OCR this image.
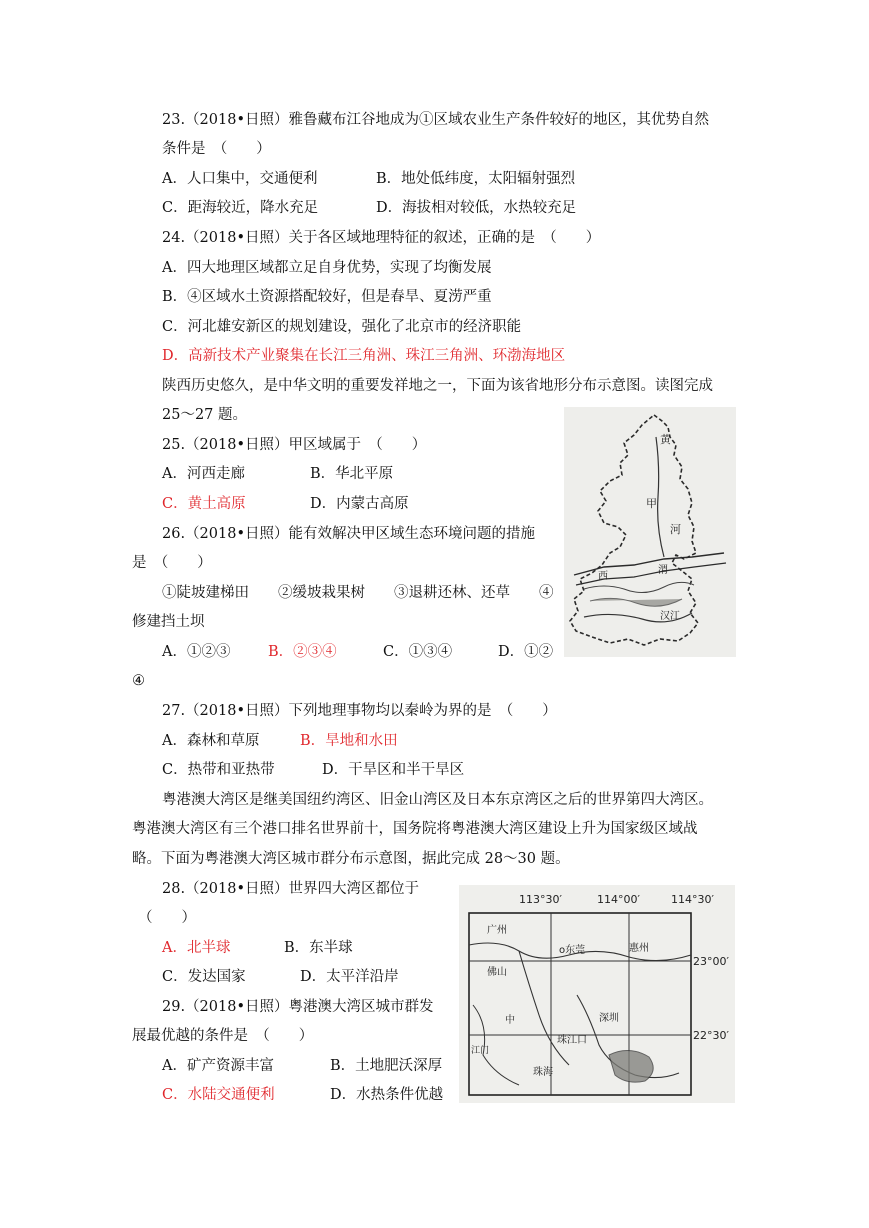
23.（2018•日照）雅鲁藏布江谷地成为①区域农业生产条件较好的地区，其优势自然
条件是　（　　）
A．人口集中，交通便利	B．地处低纬度，太阳辐射强烈
C．距海较近，降水充足	D．海拔相对较低，水热较充足
24.（2018•日照）关于各区域地理特征的叙述，正确的是　（　　）
A．四大地理区域都立足自身优势，实现了均衡发展
B．④区域水土资源搭配较好，但是春旱、夏涝严重
C．河北雄安新区的规划建设，强化了北京市的经济职能
D．高新技术产业聚集在长江三角洲、珠江三角洲、环渤海地区
陕西历史悠久，是中华文明的重要发祥地之一，下面为该省地形分布示意图。读图完成
25～27 题。
25.（2018•日照）甲区域属于　（　　）
A．河西走廊	B．华北平原
C．黄土高原	D．内蒙古高原
26.（2018•日照）能有效解决甲区域生态环境问题的措施
是　（　　）
①陡坡建梯田　　②缓坡栽果树　　③退耕还林、还草　　④
修建挡土坝
A．①②③	B．②③④	C．①③④	D．①②
④
27.（2018•日照）下列地理事物均以秦岭为界的是　（　　）
A．森林和草原	B．旱地和水田
C．热带和亚热带	D．干旱区和半干旱区
粤港澳大湾区是继美国纽约湾区、旧金山湾区及日本东京湾区之后的世界第四大湾区。
粤港澳大湾区有三个港口排名世界前十，国务院将粤港澳大湾区建设上升为国家级区域战
略。下面为粤港澳大湾区城市群分布示意图，据此完成 28～30 题。
28.（2018•日照）世界四大湾区都位于
（　　）
A．北半球	B．东半球
C．发达国家	D．太平洋沿岸
29.（2018•日照）粤港澳大湾区城市群发
展最优越的条件是　（　　）
A．矿产资源丰富	B．土地肥沃深厚
C．水陆交通便利	D．水热条件优越
黄
甲
河
渭
西
汉江
113°30′	114°00′	114°30′
23°00′
22°30′
广州
o东莞	惠州
佛山
深圳
中
珠海
江门
珠江口
